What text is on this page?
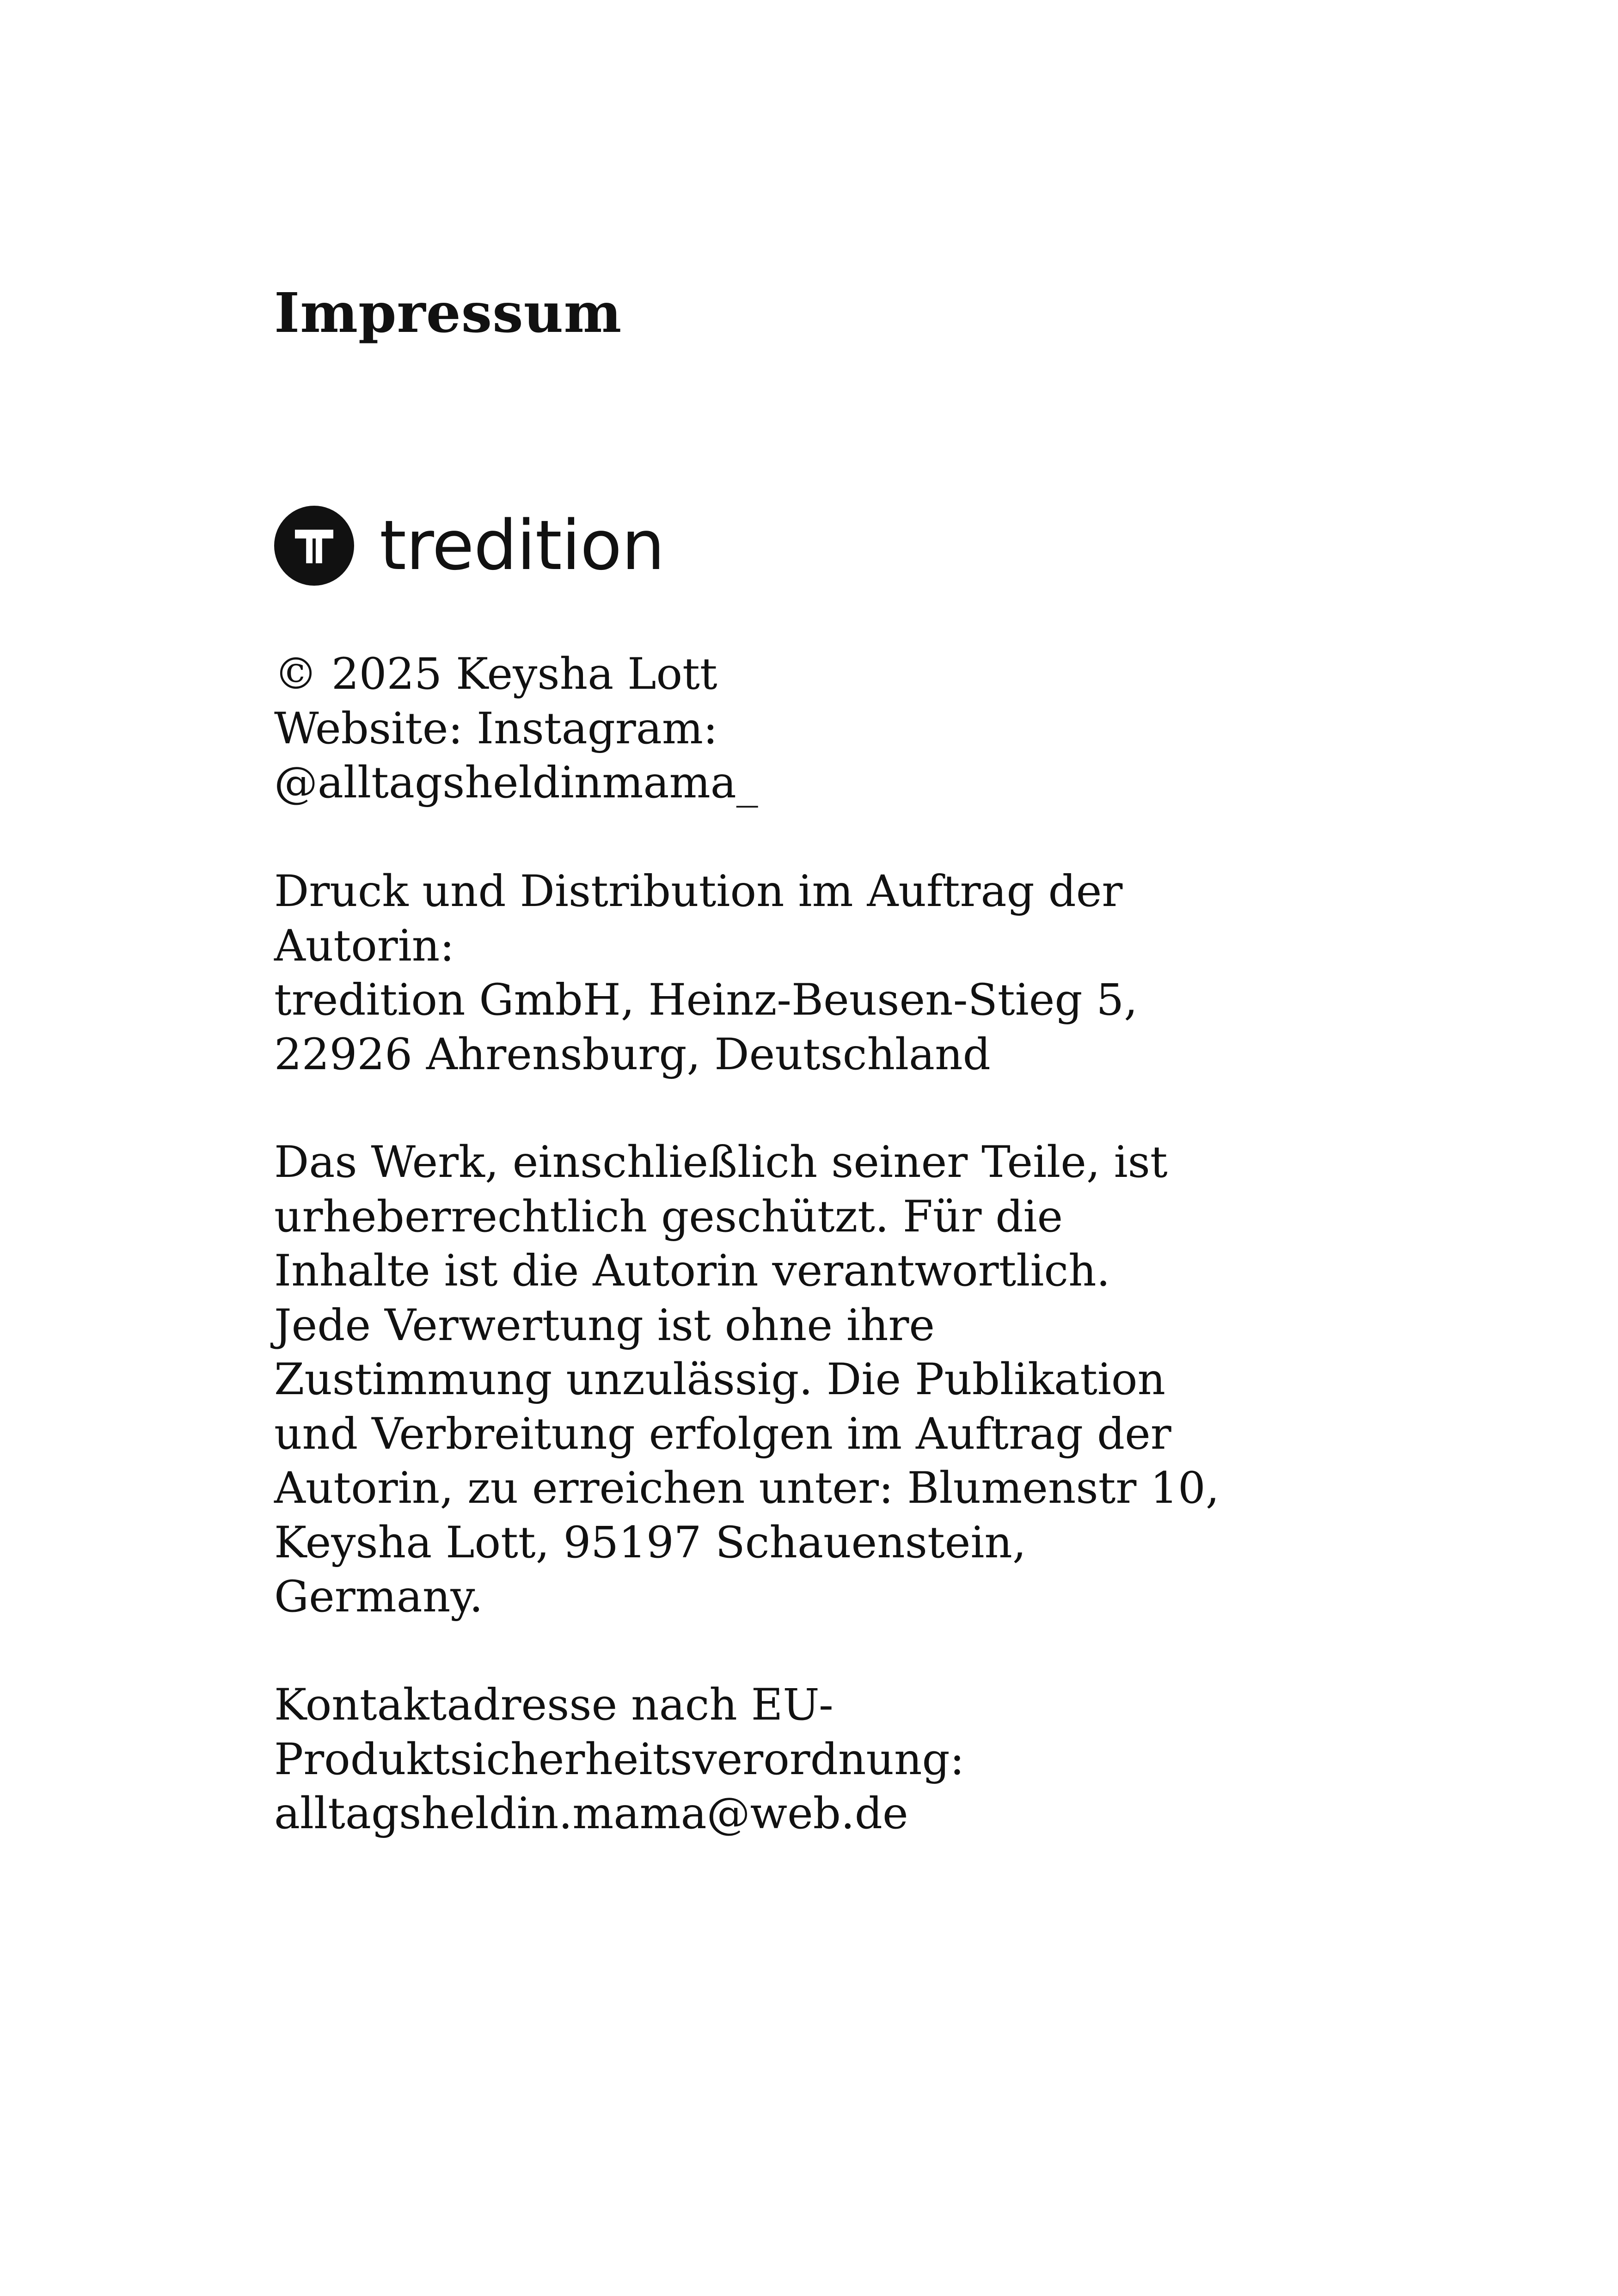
Impressum
tredition

© 2025 Keysha Lott
Website: Instagram:
@alltagsheldinmama_

Druck und Distribution im Auftrag der
Autorin:
tredition GmbH, Heinz-Beusen-Stieg 5,
22926 Ahrensburg, Deutschland

Das Werk, einschließlich seiner Teile, ist
urheberrechtlich geschützt. Für die
Inhalte ist die Autorin verantwortlich.
Jede Verwertung ist ohne ihre
Zustimmung unzulässig. Die Publikation
und Verbreitung erfolgen im Auftrag der
Autorin, zu erreichen unter: Blumenstr 10,
Keysha Lott, 95197 Schauenstein,
Germany.

Kontaktadresse nach EU-
Produktsicherheitsverordnung:
alltagsheldin.mama@web.de
